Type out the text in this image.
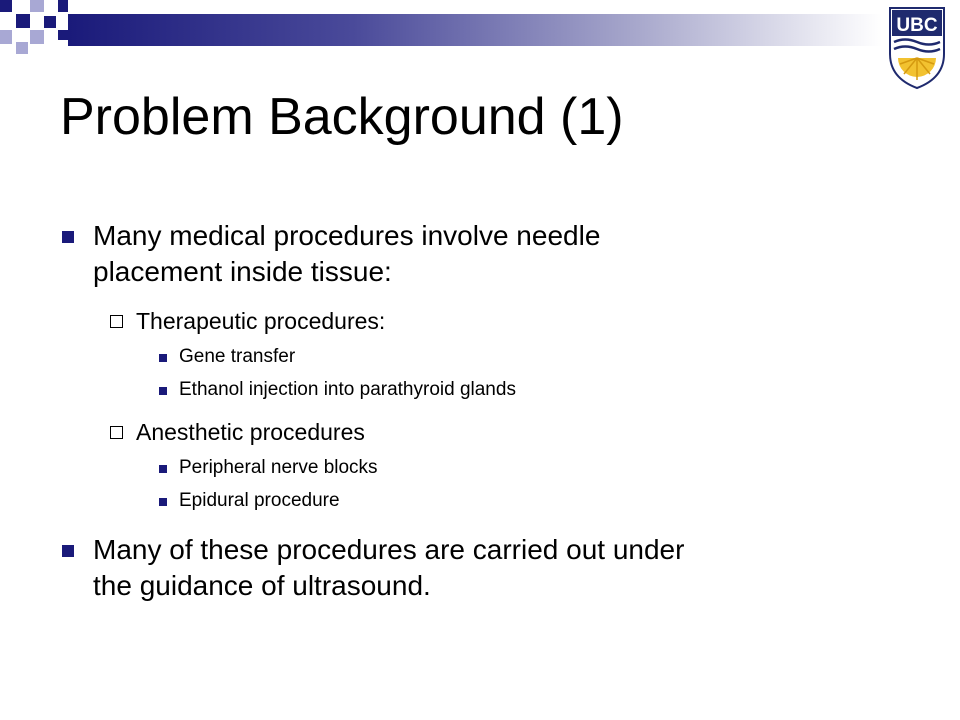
UBC
Problem Background (1)
Many medical procedures involve needle
placement inside tissue:
Therapeutic procedures:
Gene transfer
Ethanol injection into parathyroid glands
Anesthetic procedures
Peripheral nerve blocks
Epidural procedure
Many of these procedures are carried out under
the guidance of ultrasound.
